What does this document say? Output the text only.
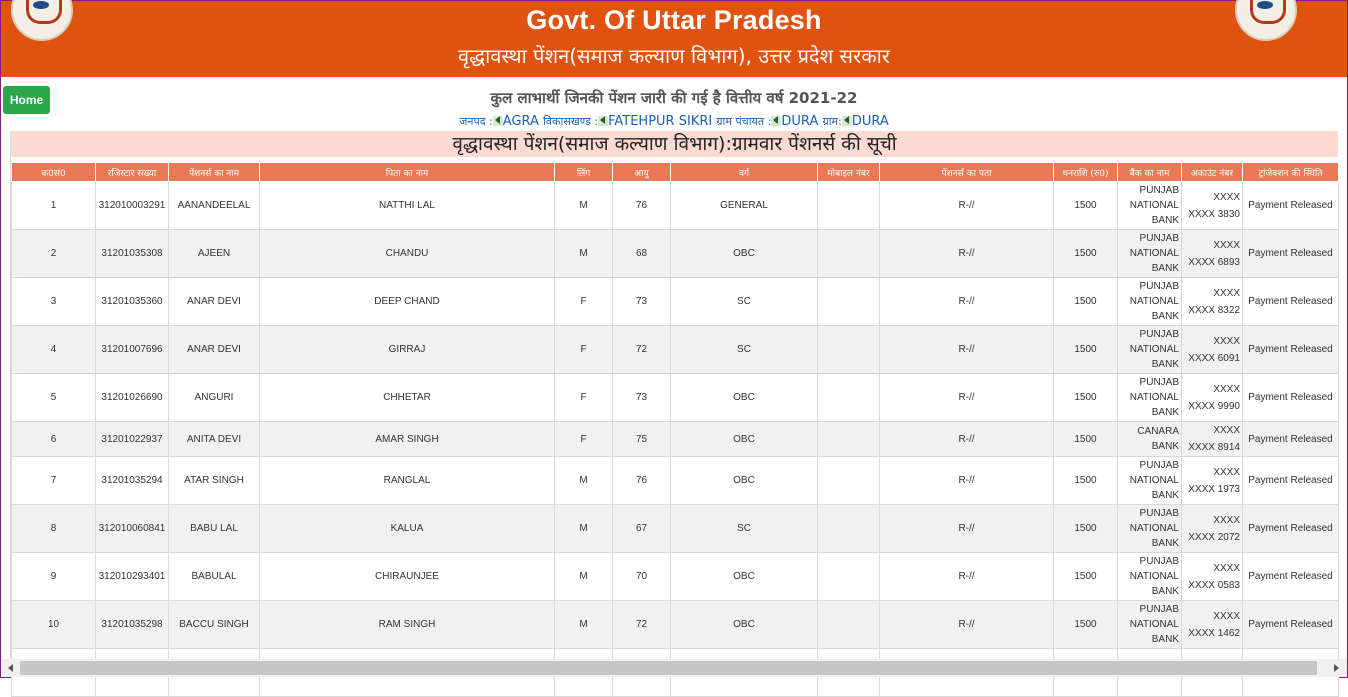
Govt. Of Uttar Pradesh
वृद्धावस्था पेंशन(समाज कल्याण विभाग), उत्तर प्रदेश सरकार
Home	कुल लाभार्थी जिनकी पेंशन जारी की गई है वित्तीय वर्ष 2021-22
जनपद : AGRA विकासखण्ड : FATEHPUR SIKRI ग्राम पंचायत : DURA ग्राम: DURA
वृद्धावस्था पेंशन(समाज कल्याण विभाग):ग्रामवार पेंशनर्स की सूची
क0सं0	रजिस्टार सख्या	पेंशनर्स का नाम	पिता का नाम	लिंग	आयु	वर्ग	मोबाइल नंबर	पेंशनर्स का पता	धनराशि (रु0)	बैंक का नाम	अकाउंट नंबर	ट्रांजेक्शन की स्थिति
1	312010003291	AANANDEELAL	NATTHI LAL	M	76	GENERAL		R-//	1500	PUNJAB NATIONAL BANK	XXXX XXXX 3830	Payment Released
2	31201035308	AJEEN	CHANDU	M	68	OBC		R-//	1500	PUNJAB NATIONAL BANK	XXXX XXXX 6893	Payment Released
3	31201035360	ANAR DEVI	DEEP CHAND	F	73	SC		R-//	1500	PUNJAB NATIONAL BANK	XXXX XXXX 8322	Payment Released
4	31201007696	ANAR DEVI	GIRRAJ	F	72	SC		R-//	1500	PUNJAB NATIONAL BANK	XXXX XXXX 6091	Payment Released
5	31201026690	ANGURI	CHHETAR	F	73	OBC		R-//	1500	PUNJAB NATIONAL BANK	XXXX XXXX 9990	Payment Released
6	31201022937	ANITA DEVI	AMAR SINGH	F	75	OBC		R-//	1500	CANARA BANK	XXXX XXXX 8914	Payment Released
7	31201035294	ATAR SINGH	RANGLAL	M	76	OBC		R-//	1500	PUNJAB NATIONAL BANK	XXXX XXXX 1973	Payment Released
8	312010060841	BABU LAL	KALUA	M	67	SC		R-//	1500	PUNJAB NATIONAL BANK	XXXX XXXX 2072	Payment Released
9	312010293401	BABULAL	CHIRAUNJEE	M	70	OBC		R-//	1500	PUNJAB NATIONAL BANK	XXXX XXXX 0583	Payment Released
10	31201035298	BACCU SINGH	RAM SINGH	M	72	OBC		R-//	1500	PUNJAB NATIONAL BANK	XXXX XXXX 1462	Payment Released
